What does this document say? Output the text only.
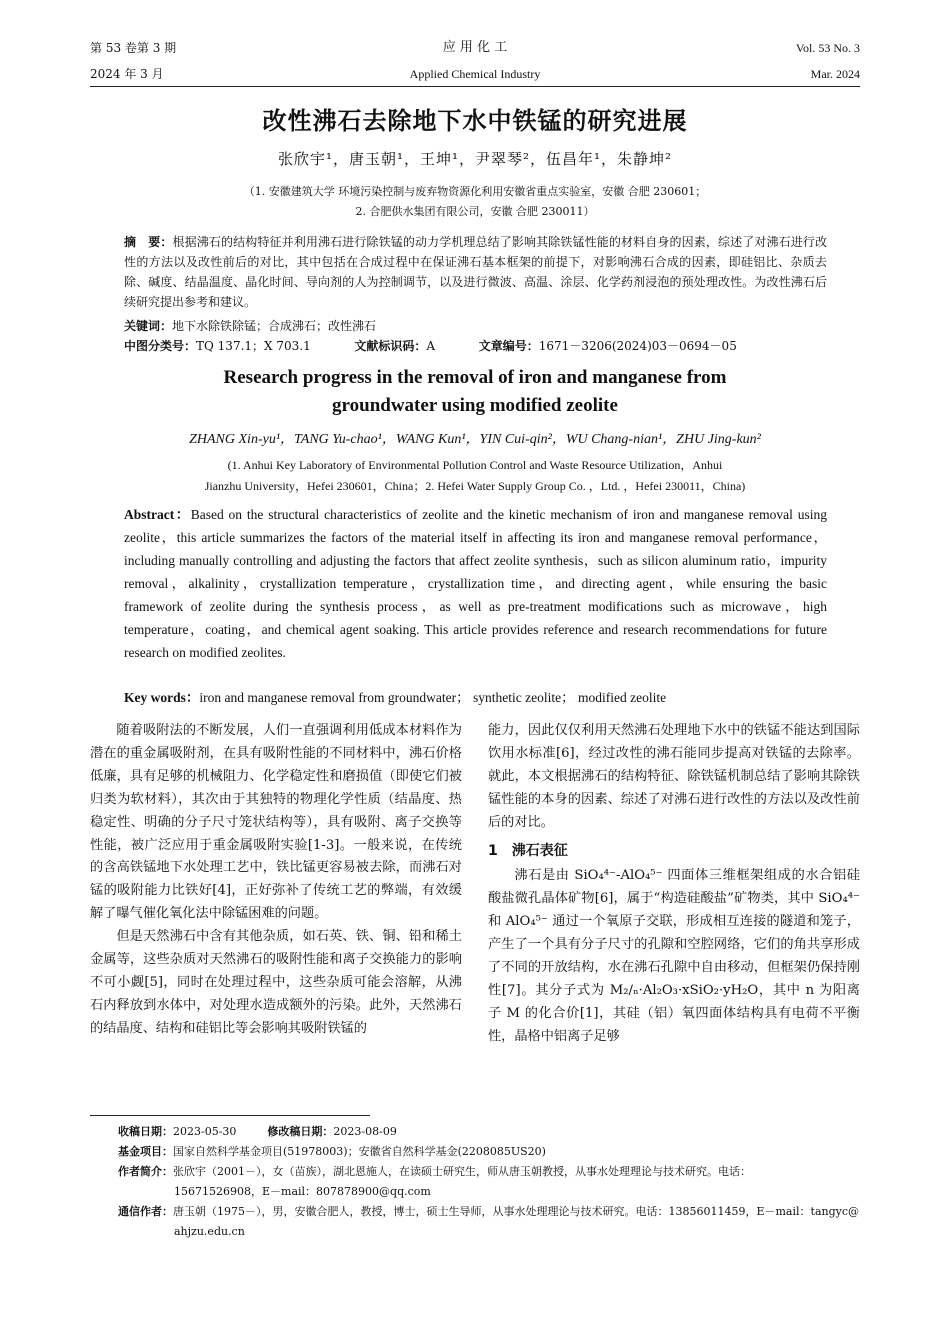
第 53 卷第 3 期
2024 年 3 月
应 用 化 工
Applied Chemical Industry
Vol. 53 No. 3
Mar. 2024
改性沸石去除地下水中铁锰的研究进展
张欣宇¹，唐玉朝¹，王坤¹，尹翠琴²，伍昌年¹，朱静坤²
（1. 安徽建筑大学 环境污染控制与废弃物资源化利用安徽省重点实验室，安徽 合肥 230601；
2. 合肥供水集团有限公司，安徽 合肥 230011）
摘　要：根据沸石的结构特征并利用沸石进行除铁锰的动力学机理总结了影响其除铁锰性能的材料自身的因素，综述了对沸石进行改性的方法以及改性前后的对比，其中包括在合成过程中在保证沸石基本框架的前提下，对影响沸石合成的因素，即硅铝比、杂质去除、碱度、结晶温度、晶化时间、导向剂的人为控制调节，以及进行微波、高温、涂层、化学药剂浸泡的预处理改性。为改性沸石后续研究提出参考和建议。
关键词：地下水除铁除锰；合成沸石；改性沸石
中图分类号：TQ 137.1；X 703.1	文献标识码：A	文章编号：1671－3206(2024)03－0694－05
Research progress in the removal of iron and manganese from
groundwater using modified zeolite
ZHANG Xin-yu¹，TANG Yu-chao¹，WANG Kun¹，YIN Cui-qin²，WU Chang-nian¹，ZHU Jing-kun²
(1. Anhui Key Laboratory of Environmental Pollution Control and Waste Resource Utilization，Anhui
Jianzhu University，Hefei 230601，China；2. Hefei Water Supply Group Co. ，Ltd. ，Hefei 230011，China)
Abstract：Based on the structural characteristics of zeolite and the kinetic mechanism of iron and manganese removal using zeolite，this article summarizes the factors of the material itself in affecting its iron and manganese removal performance，including manually controlling and adjusting the factors that affect zeolite synthesis，such as silicon aluminum ratio，impurity removal，alkalinity，crystallization temperature，crystallization time，and directing agent，while ensuring the basic framework of zeolite during the synthesis process，as well as pre-treatment modifications such as microwave，high temperature，coating，and chemical agent soaking. This article provides reference and research recommendations for future research on modified zeolites.
Key words：iron and manganese removal from groundwater； synthetic zeolite； modified zeolite

随着吸附法的不断发展，人们一直强调利用低成本材料作为潜在的重金属吸附剂，在具有吸附性能的不同材料中，沸石价格低廉，具有足够的机械阻力、化学稳定性和磨损值（即使它们被归类为软材料），其次由于其独特的物理化学性质（结晶度、热稳定性、明确的分子尺寸笼状结构等），具有吸附、离子交换等性能，被广泛应用于重金属吸附实验[1-3]。一般来说，在传统的含高铁锰地下水处理工艺中，铁比锰更容易被去除，而沸石对锰的吸附能力比铁好[4]，正好弥补了传统工艺的弊端，有效缓解了曝气催化氧化法中除锰困难的问题。

但是天然沸石中含有其他杂质，如石英、铁、铜、铅和稀土金属等，这些杂质对天然沸石的吸附性能和离子交换能力的影响不可小觑[5]，同时在处理过程中，这些杂质可能会溶解，从沸石内释放到水体中，对处理水造成额外的污染。此外，天然沸石的结晶度、结构和硅铝比等会影响其吸附铁锰的

能力，因此仅仅利用天然沸石处理地下水中的铁锰不能达到国际饮用水标准[6]，经过改性的沸石能同步提高对铁锰的去除率。就此，本文根据沸石的结构特征、除铁锰机制总结了影响其除铁锰性能的本身的因素、综述了对沸石进行改性的方法以及改性前后的对比。

1　沸石表征

沸石是由 SiO₄⁴⁻-AlO₄⁵⁻ 四面体三维框架组成的水合铝硅酸盐微孔晶体矿物[6]，属于“构造硅酸盐”矿物类，其中 SiO₄⁴⁻ 和 AlO₄⁵⁻ 通过一个氧原子交联，形成相互连接的隧道和笼子，产生了一个具有分子尺寸的孔隙和空腔网络，它们的角共享形成了不同的开放结构，水在沸石孔隙中自由移动，但框架仍保持刚性[7]。其分子式为 M₂/ₙ·Al₂O₃·xSiO₂·yH₂O，其中 n 为阳离子 M 的化合价[1]，其硅（铝）氧四面体结构具有电荷不平衡性，晶格中铝离子足够

收稿日期：2023-05-30	修改稿日期：2023-08-09
基金项目：国家自然科学基金项目(51978003)；安徽省自然科学基金(2208085US20)
作者简介：张欣宇（2001－），女（苗族），湖北恩施人，在读硕士研究生，师从唐玉朝教授，从事水处理理论与技术研究。电话：
15671526908，E－mail：807878900@qq.com
通信作者：唐玉朝（1975－），男，安徽合肥人，教授，博士，硕士生导师，从事水处理理论与技术研究。电话：13856011459，E－mail：tangyc@
ahjzu.edu.cn
